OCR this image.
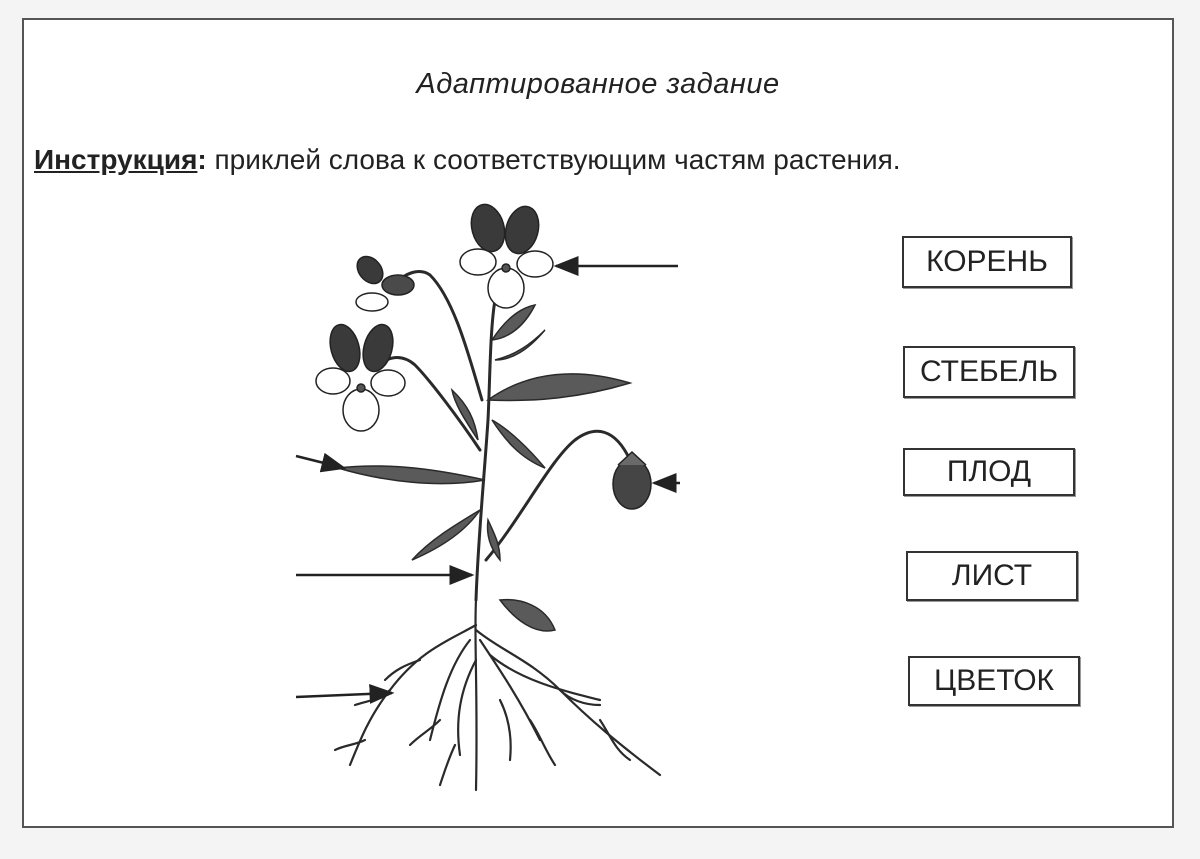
Адаптированное задание
Инструкция: приклей слова к соответствующим частям растения.
КОРЕНЬ
СТЕБЕЛЬ
ПЛОД
ЛИСТ
ЦВЕТОК
